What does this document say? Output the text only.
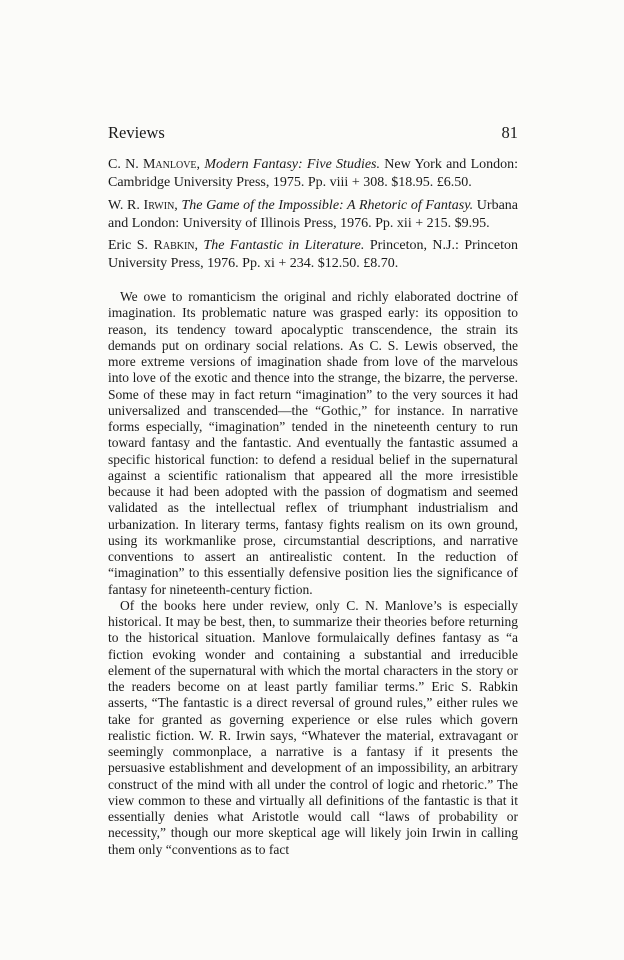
Reviews	81
C. N. Manlove, Modern Fantasy: Five Studies. New York and London: Cambridge University Press, 1975. Pp. viii + 308. $18.95. £6.50.
W. R. Irwin, The Game of the Impossible: A Rhetoric of Fantasy. Urbana and London: University of Illinois Press, 1976. Pp. xii + 215. $9.95.
Eric S. Rabkin, The Fantastic in Literature. Princeton, N.J.: Princeton University Press, 1976. Pp. xi + 234. $12.50. £8.70.

We owe to romanticism the original and richly elaborated doctrine of imagination. Its problematic nature was grasped early: its opposition to reason, its tendency toward apocalyptic transcendence, the strain its demands put on ordinary social relations. As C. S. Lewis observed, the more extreme versions of imagination shade from love of the marvelous into love of the exotic and thence into the strange, the bizarre, the perverse. Some of these may in fact return “imagination” to the very sources it had universalized and transcended—the “Gothic,” for instance. In narrative forms especially, “imagination” tended in the nineteenth century to run toward fantasy and the fantastic. And eventually the fantastic assumed a specific historical function: to defend a residual belief in the supernatural against a scientific rationalism that appeared all the more irresistible because it had been adopted with the passion of dogmatism and seemed validated as the intellectual reflex of triumphant industrialism and urbanization. In literary terms, fantasy fights realism on its own ground, using its workmanlike prose, circumstantial descriptions, and narrative conventions to assert an antirealistic content. In the reduction of “imagination” to this essentially defensive position lies the significance of fantasy for nineteenth-century fiction.

Of the books here under review, only C. N. Manlove’s is especially historical. It may be best, then, to summarize their theories before returning to the historical situation. Manlove formulaically defines fantasy as “a fiction evoking wonder and containing a substantial and irreducible element of the supernatural with which the mortal characters in the story or the readers become on at least partly familiar terms.” Eric S. Rabkin asserts, “The fantastic is a direct reversal of ground rules,” either rules we take for granted as governing experience or else rules which govern realistic fiction. W. R. Irwin says, “Whatever the material, extravagant or seemingly commonplace, a narrative is a fantasy if it presents the persuasive establishment and development of an impossibility, an arbitrary construct of the mind with all under the control of logic and rhetoric.” The view common to these and virtually all definitions of the fantastic is that it essentially denies what Aristotle would call “laws of probability or necessity,” though our more skeptical age will likely join Irwin in calling them only “conventions as to fact
